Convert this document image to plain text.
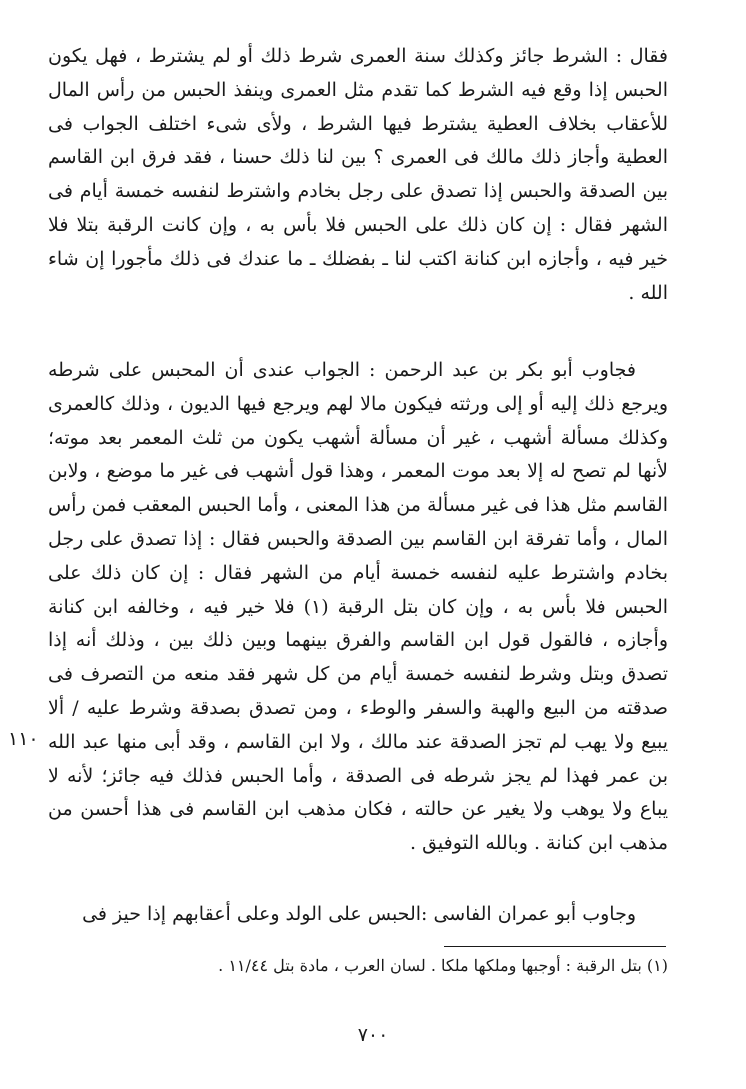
فقال : الشرط جائز وكذلك سنة العمرى شرط ذلك أو لم يشترط ، فهل يكون الحبس إذا وقع فيه الشرط كما تقدم مثل العمرى وينفذ الحبس من رأس المال للأعقاب بخلاف العطية يشترط فيها الشرط ، ولأى شىء اختلف الجواب فى العطية وأجاز ذلك مالك فى العمرى ؟ بين لنا ذلك حسنا ، فقد فرق ابن القاسم بين الصدقة والحبس إذا تصدق على رجل بخادم واشترط لنفسه خمسة أيام فى الشهر فقال : إن كان ذلك على الحبس فلا بأس به ، وإن كانت الرقبة بتلا فلا خير فيه ، وأجازه ابن كنانة اكتب لنا ـ بفضلك ـ ما عندك فى ذلك مأجورا إن شاء الله .

فجاوب أبو بكر بن عبد الرحمن : الجواب عندى أن المحبس على شرطه ويرجع ذلك إليه أو إلى ورثته فيكون مالا لهم ويرجع فيها الديون ، وذلك كالعمرى وكذلك مسألة أشهب ، غير أن مسألة أشهب يكون من ثلث المعمر بعد موته؛ لأنها لم تصح له إلا بعد موت المعمر ، وهذا قول أشهب فى غير ما موضع ، ولابن القاسم مثل هذا فى غير مسألة من هذا المعنى ، وأما الحبس المعقب فمن رأس المال ، وأما تفرقة ابن القاسم بين الصدقة والحبس فقال : إذا تصدق على رجل بخادم واشترط عليه لنفسه خمسة أيام من الشهر فقال : إن كان ذلك على الحبس فلا بأس به ، وإن كان بتل الرقبة (١) فلا خير فيه ، وخالفه ابن كنانة وأجازه ، فالقول قول ابن القاسم والفرق بينهما وبين ذلك بين ، وذلك أنه إذا تصدق وبتل وشرط لنفسه خمسة أيام من كل شهر فقد منعه من التصرف فى صدقته من البيع والهبة والسفر والوطء ، ومن تصدق بصدقة وشرط عليه / ألا يبيع ولا يهب لم تجز الصدقة عند مالك ، ولا ابن القاسم ، وقد أبى منها عبد الله بن عمر فهذا لم يجز شرطه فى الصدقة ، وأما الحبس فذلك فيه جائز؛ لأنه لا يباع ولا يوهب ولا يغير عن حالته ، فكان مذهب ابن القاسم فى هذا أحسن من مذهب ابن كنانة . وبالله التوفيق .

وجاوب أبو عمران الفاسى :الحبس على الولد وعلى أعقابهم إذا حيز فى

١١٠

(١) بتل الرقبة : أوجبها وملكها ملكا . لسان العرب ، مادة بتل ١١/٤٤ .

٧٠٠
